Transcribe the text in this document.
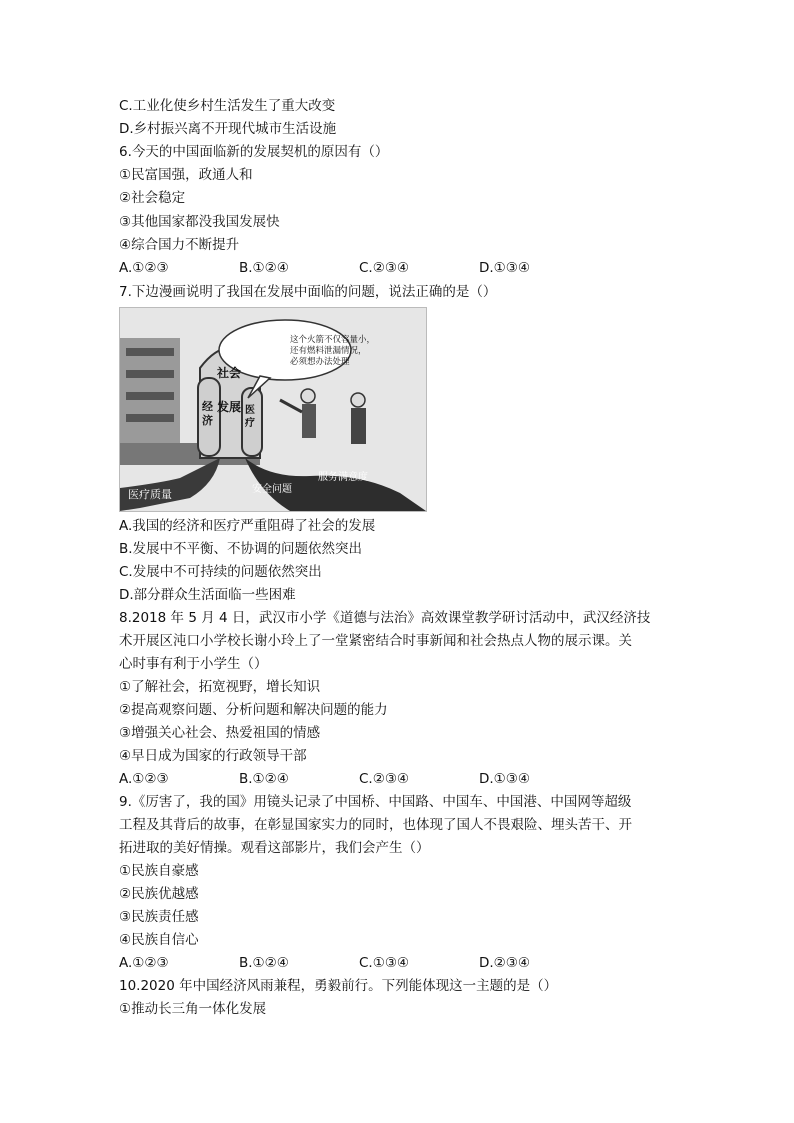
C.工业化使乡村生活发生了重大改变
D.乡村振兴离不开现代城市生活设施
6.今天的中国面临新的发展契机的原因有（）
①民富国强，政通人和
②社会稳定
③其他国家都没我国发展快
④综合国力不断提升
A.①②③	B.①②④	C.②③④	D.①③④
7.下边漫画说明了我国在发展中面临的问题，说法正确的是（）
这个火箭不仅容量小，
还有燃料泄漏情况，
必须想办法处理
社会
发展
经济
医疗
医疗质量	安全问题
服务满意度
A.我国的经济和医疗严重阻碍了社会的发展
B.发展中不平衡、不协调的问题依然突出
C.发展中不可持续的问题依然突出
D.部分群众生活面临一些困难
8.2018 年 5 月 4 日，武汉市小学《道德与法治》高效课堂教学研讨活动中，武汉经济技
术开展区沌口小学校长谢小玲上了一堂紧密结合时事新闻和社会热点人物的展示课。关
心时事有利于小学生（）
①了解社会，拓宽视野，增长知识
②提高观察问题、分析问题和解决问题的能力
③增强关心社会、热爱祖国的情感
④早日成为国家的行政领导干部
A.①②③	B.①②④	C.②③④	D.①③④
9.《厉害了，我的国》用镜头记录了中国桥、中国路、中国车、中国港、中国网等超级
工程及其背后的故事，在彰显国家实力的同时，也体现了国人不畏艰险、埋头苦干、开
拓进取的美好情操。观看这部影片，我们会产生（）
①民族自豪感
②民族优越感
③民族责任感
④民族自信心
A.①②③	B.①②④	C.①③④	D.②③④
10.2020 年中国经济风雨兼程，勇毅前行。下列能体现这一主题的是（）
①推动长三角一体化发展
